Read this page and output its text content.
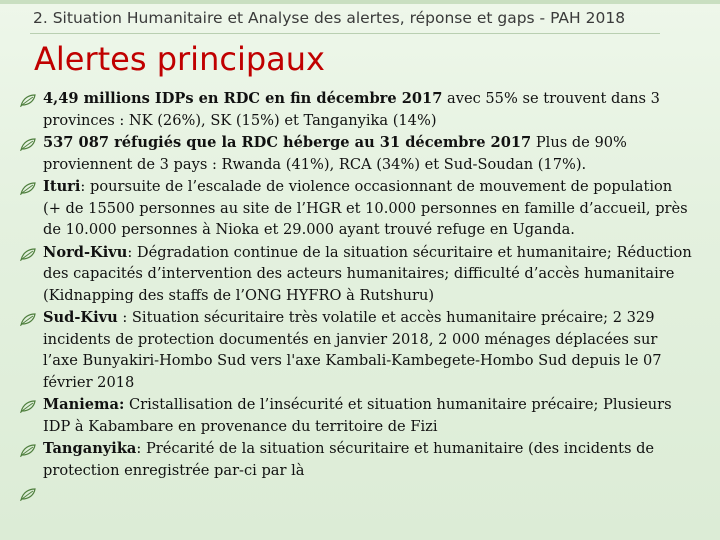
2. Situation Humanitaire et Analyse des alertes, réponse et gaps - PAH 2018
Alertes principaux
4,49 millions IDPs en RDC en fin décembre 2017 avec 55% se trouvent dans 3 provinces : NK (26%), SK (15%) et Tanganyika (14%)
537 087 réfugiés que la RDC héberge au 31 décembre 2017 Plus de 90% proviennent de 3 pays : Rwanda (41%), RCA (34%) et Sud-Soudan (17%).
Ituri: poursuite de l’escalade de violence occasionnant de mouvement de population (+ de 15500 personnes au site de l’HGR et 10.000 personnes en famille d’accueil, près de 10.000 personnes à Nioka et 29.000 ayant trouvé refuge en Uganda.
Nord-Kivu: Dégradation continue de la situation sécuritaire et humanitaire; Réduction des capacités d’intervention des acteurs humanitaires; difficulté d’accès humanitaire (Kidnapping des staffs de l’ONG HYFRO à Rutshuru)
Sud-Kivu : Situation sécuritaire très volatile et accès humanitaire précaire; 2 329 incidents de protection documentés en janvier 2018, 2 000 ménages déplacées sur l’axe Bunyakiri-Hombo Sud vers l'axe Kambali-Kambegete-Hombo Sud depuis le 07 février 2018
Maniema: Cristallisation de l’insécurité et situation humanitaire précaire; Plusieurs IDP à Kabambare en provenance du territoire de Fizi
Tanganyika: Précarité de la situation sécuritaire et humanitaire (des incidents de protection enregistrée par-ci par là
